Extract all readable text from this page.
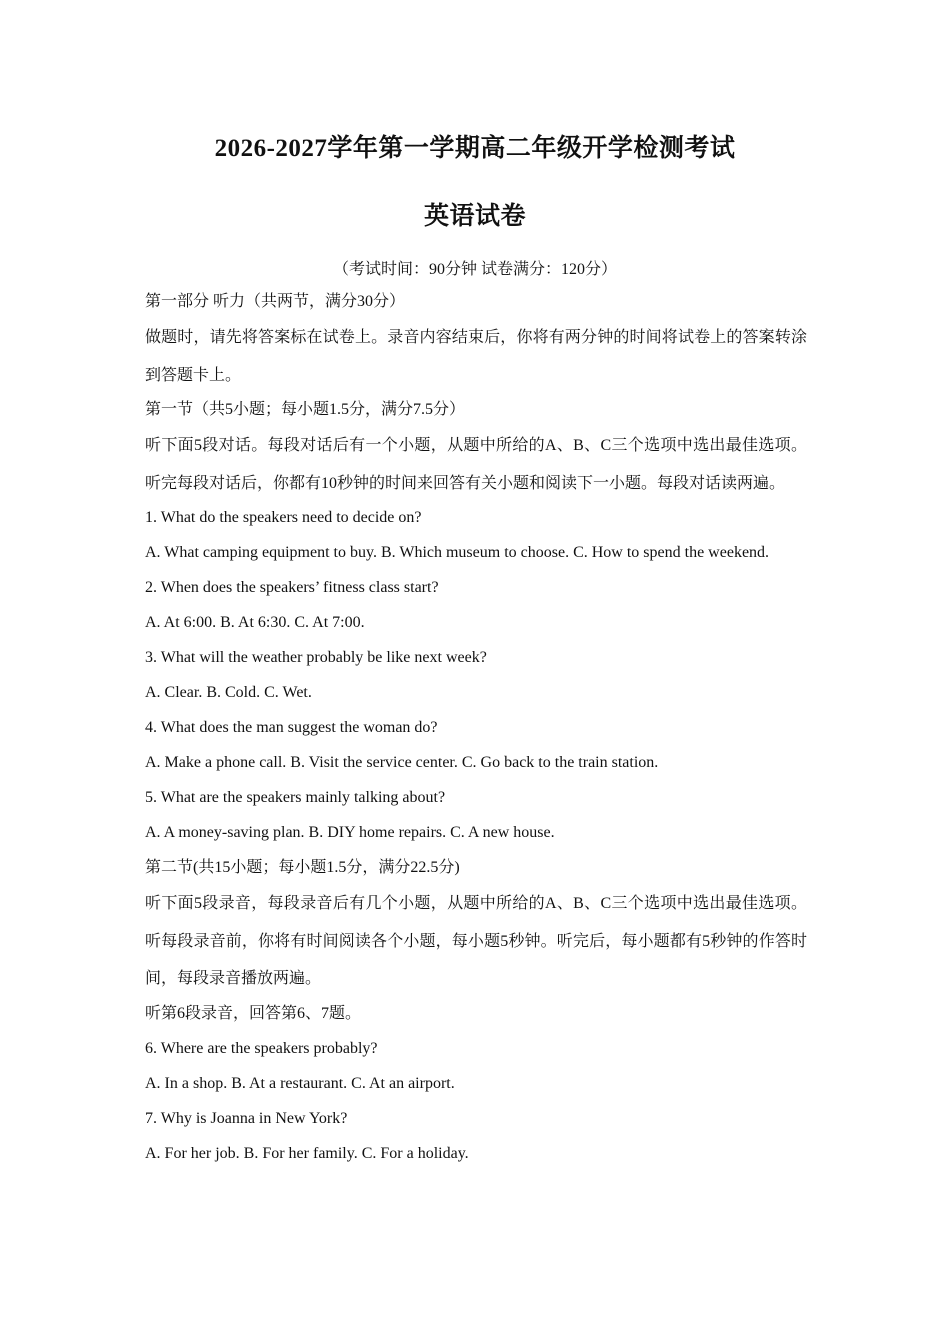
2026-2027学年第一学期高二年级开学检测考试
英语试卷
（考试时间：90分钟 试卷满分：120分）
第一部分 听力（共两节，满分30分）
做题时，请先将答案标在试卷上。录音内容结束后，你将有两分钟的时间将试卷上的答案转涂到答题卡上。
第一节（共5小题；每小题1.5分，满分7.5分）
听下面5段对话。每段对话后有一个小题，从题中所给的A、B、C三个选项中选出最佳选项。听完每段对话后，你都有10秒钟的时间来回答有关小题和阅读下一小题。每段对话读两遍。
1. What do the speakers need to decide on?
A. What camping equipment to buy. B. Which museum to choose. C. How to spend the weekend.
2. When does the speakers’ fitness class start?
A. At 6:00. B. At 6:30. C. At 7:00.
3. What will the weather probably be like next week?
A. Clear. B. Cold. C. Wet.
4. What does the man suggest the woman do?
A. Make a phone call. B. Visit the service center. C. Go back to the train station.
5. What are the speakers mainly talking about?
A. A money-saving plan. B. DIY home repairs. C. A new house.
第二节(共15小题；每小题1.5分，满分22.5分)
听下面5段录音，每段录音后有几个小题，从题中所给的A、B、C三个选项中选出最佳选项。听每段录音前，你将有时间阅读各个小题，每小题5秒钟。听完后，每小题都有5秒钟的作答时间，每段录音播放两遍。
听第6段录音，回答第6、7题。
6. Where are the speakers probably?
A. In a shop. B. At a restaurant. C. At an airport.
7. Why is Joanna in New York?
A. For her job. B. For her family. C. For a holiday.
